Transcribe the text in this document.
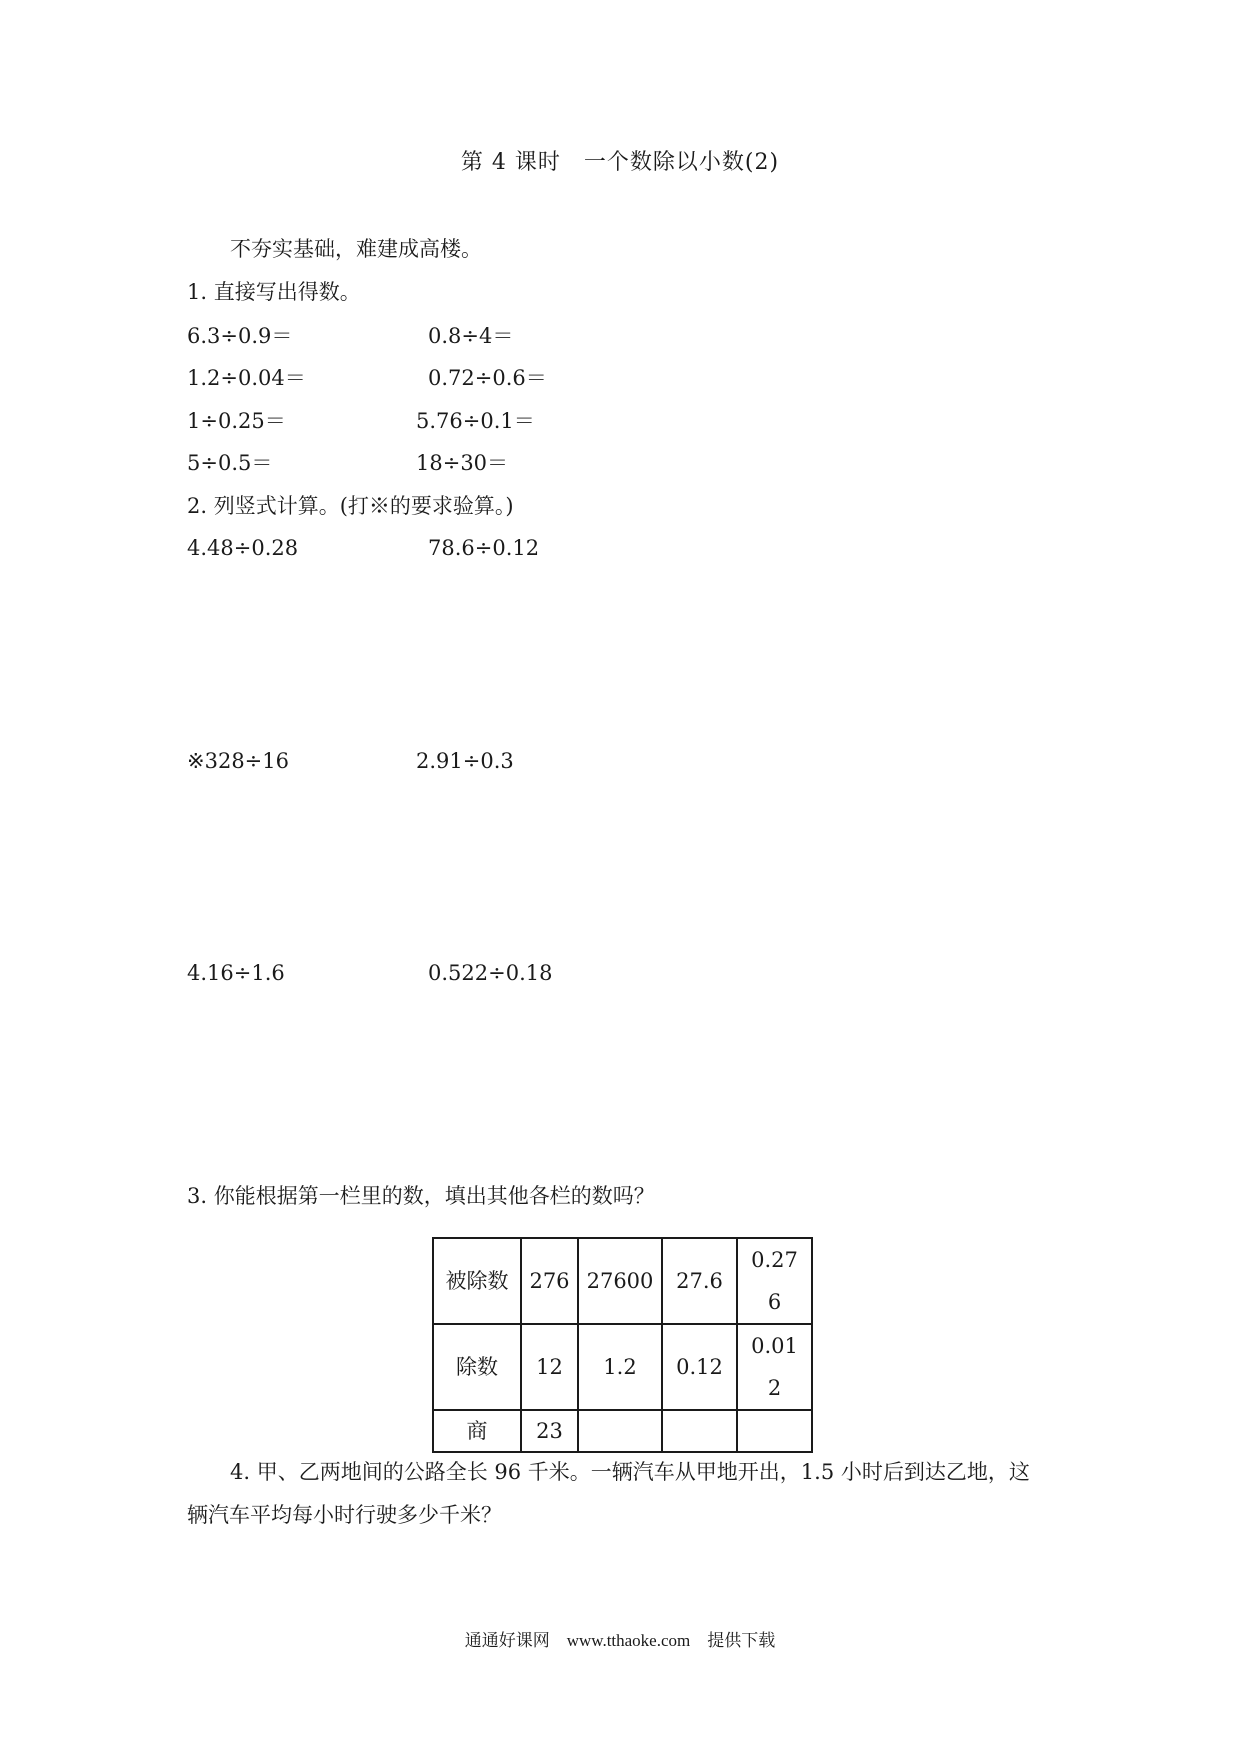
第 4 课时　一个数除以小数(2)
不夯实基础，难建成高楼。
1. 直接写出得数。
6.3÷0.9＝	0.8÷4＝
1.2÷0.04＝	0.72÷0.6＝
1÷0.25＝	5.76÷0.1＝
5÷0.5＝	18÷30＝
2. 列竖式计算。(打※的要求验算。)
4.48÷0.28	78.6÷0.12
※328÷16	2.91÷0.3
4.16÷1.6	0.522÷0.18
3. 你能根据第一栏里的数，填出其他各栏的数吗？
被除数	276	27600	27.6	0.27
6

除数	12	1.2	0.12	0.01
2

商	23			
4. 甲、乙两地间的公路全长 96 千米。一辆汽车从甲地开出，1.5 小时后到达乙地，这
辆汽车平均每小时行驶多少千米？
通通好课网　www.tthaoke.com　提供下载
